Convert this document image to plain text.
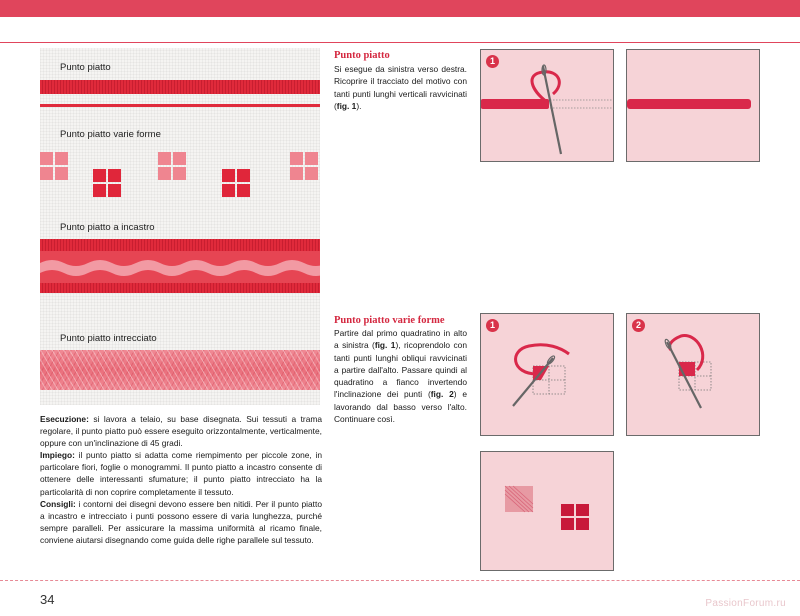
Punto piatto
Punto piatto varie forme
Punto piatto a incastro
Punto piatto intrecciato
Esecuzione: si lavora a telaio, su base disegnata. Sui tessuti a trama regolare, il punto piatto può essere eseguito orizzontalmente, verticalmente, oppure con un'inclinazione di 45 gradi.
Impiego: il punto piatto si adatta come riempimento per piccole zone, in particolare fiori, foglie o monogrammi. Il punto piatto a incastro consente di ottenere delle interessanti sfumature; il punto piatto intrecciato ha la particolarità di non coprire completamente il tessuto.
Consigli: i contorni dei disegni devono essere ben nitidi. Per il punto piatto a incastro e intrecciato i punti possono essere di varia lunghezza, purché sempre paralleli. Per assicurare la massima uniformità al ricamo finale, conviene aiutarsi disegnando come guida delle righe parallele sul tessuto.
Punto piatto
Si esegue da sinistra verso destra. Ricoprire il tracciato del motivo con tanti punti lunghi verticali ravvicinati (fig. 1).
1
Punto piatto varie forme
Partire dal primo quadratino in alto a sinistra (fig. 1), ricoprendolo con tanti punti lunghi obliqui ravvicinati a partire dall'alto. Passare quindi al quadratino a fianco invertendo l'inclinazione dei punti (fig. 2) e lavorando dal basso verso l'alto. Continuare così.
1	2
34	PassionForum.ru
